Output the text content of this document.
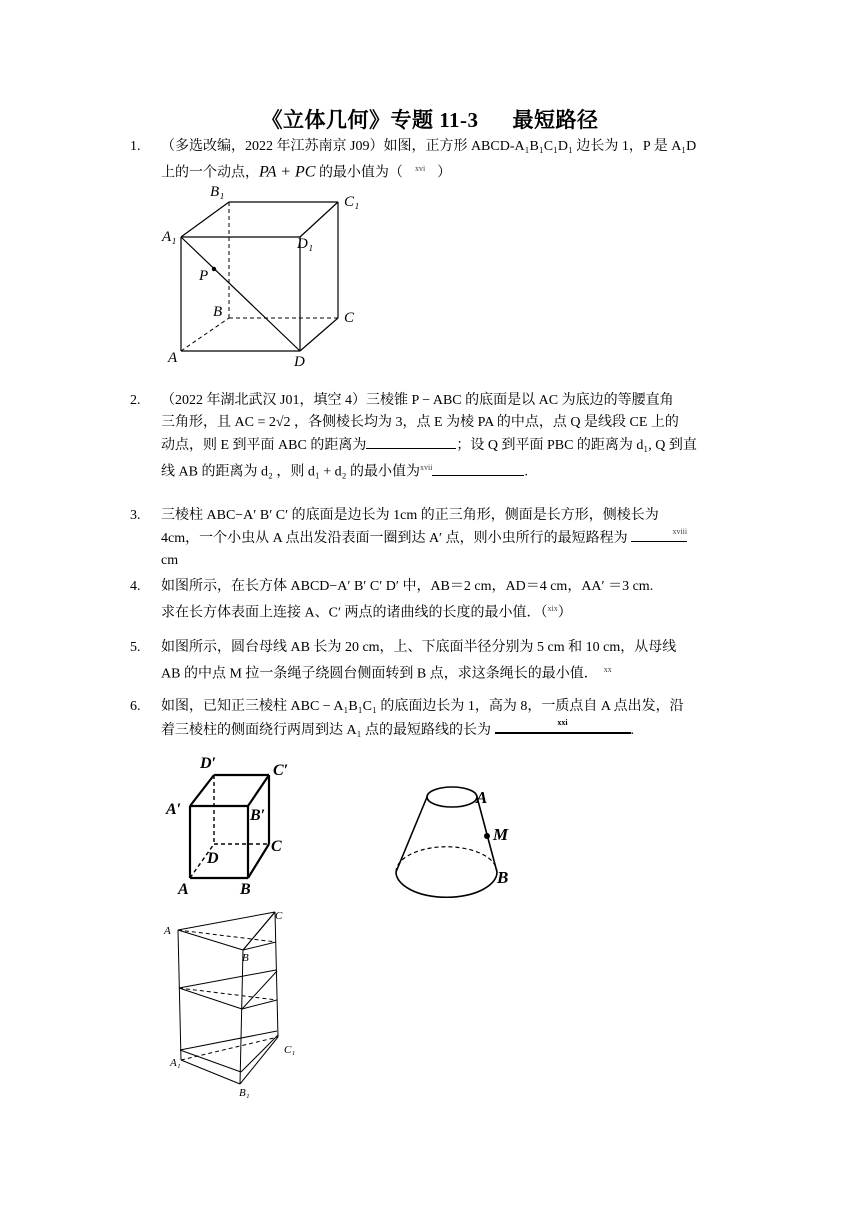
《立体几何》专题 11-3 最短路径
1. （多选改编，2022 年江苏南京 J09）如图，正方形 ABCD-A₁B₁C₁D₁ 边长为 1，P 是 A₁D
上的一个动点，PA + PC 的最小值为（ $^{xvi}$ ）
B₁
C₁
A₁	D₁
P
B	C
A	D
2. （2022 年湖北武汉 J01，填空 4）三棱锥 P − ABC 的底面是以 AC 为底边的等腰直角
三角形，且 AC = 2√2 ，各侧棱长均为 3，点 E 为棱 PA 的中点，点 Q 是线段 CE 上的
动点，则 E 到平面 ABC 的距离为	；设 Q 到平面 PBC 的距离为 d₁, Q 到直
线 AB 的距离为 d₂ ，则 d₁ + d₂ 的最小值为$^{xvii}$	.
3. 三棱柱 ABC−A′ B′ C′ 的底面是边长为 1cm 的正三角形，侧面是长方形，侧棱长为
4cm，一个小虫从 A 点出发沿表面一圈到达 A′ 点，则小虫所行的最短路程为	xviii
cm
4. 如图所示，在长方体 ABCD−A′ B′ C′ D′ 中，AB＝2 cm，AD＝4 cm，AA′ ＝3 cm.
求在长方体表面上连接 A、C′ 两点的诸曲线的长度的最小值．（$^{xix}$）
5. 如图所示，圆台母线 AB 长为 20 cm，上、下底面半径分别为 5 cm 和 10 cm，从母线
AB 的中点 M 拉一条绳子绕圆台侧面转到 B 点，求这条绳长的最小值． $^{xx}$
6. 如图，已知正三棱柱 ABC − A₁B₁C₁ 的底面边长为 1，高为 8，一质点自 A 点出发，沿
着三棱柱的侧面绕行两周到达 A₁ 点的最短路线的长为
xxi
.
D′	C′
A′	B′
C
D
A	B
A
M
B
A
C
B
C₁
A₁
B₁
